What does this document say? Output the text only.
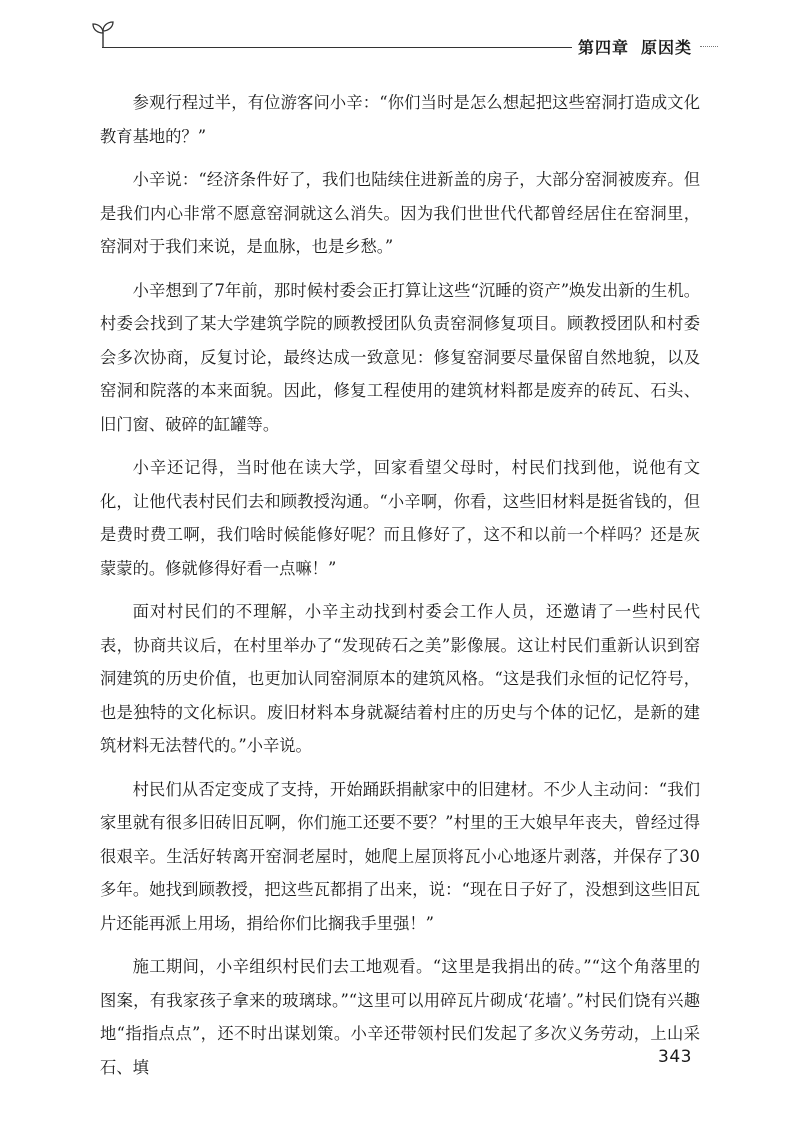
第四章 原因类

参观行程过半，有位游客问小辛：“你们当时是怎么想起把这些窑洞打造成文化教育基地的？”

小辛说：“经济条件好了，我们也陆续住进新盖的房子，大部分窑洞被废弃。但是我们内心非常不愿意窑洞就这么消失。因为我们世世代代都曾经居住在窑洞里，窑洞对于我们来说，是血脉，也是乡愁。”

小辛想到了7年前，那时候村委会正打算让这些“沉睡的资产”焕发出新的生机。村委会找到了某大学建筑学院的顾教授团队负责窑洞修复项目。顾教授团队和村委会多次协商，反复讨论，最终达成一致意见：修复窑洞要尽量保留自然地貌，以及窑洞和院落的本来面貌。因此，修复工程使用的建筑材料都是废弃的砖瓦、石头、旧门窗、破碎的缸罐等。

小辛还记得，当时他在读大学，回家看望父母时，村民们找到他，说他有文化，让他代表村民们去和顾教授沟通。“小辛啊，你看，这些旧材料是挺省钱的，但是费时费工啊，我们啥时候能修好呢？而且修好了，这不和以前一个样吗？还是灰蒙蒙的。修就修得好看一点嘛！”

面对村民们的不理解，小辛主动找到村委会工作人员，还邀请了一些村民代表，协商共议后，在村里举办了“发现砖石之美”影像展。这让村民们重新认识到窑洞建筑的历史价值，也更加认同窑洞原本的建筑风格。“这是我们永恒的记忆符号，也是独特的文化标识。废旧材料本身就凝结着村庄的历史与个体的记忆，是新的建筑材料无法替代的。”小辛说。

村民们从否定变成了支持，开始踊跃捐献家中的旧建材。不少人主动问：“我们家里就有很多旧砖旧瓦啊，你们施工还要不要？”村里的王大娘早年丧夫，曾经过得很艰辛。生活好转离开窑洞老屋时，她爬上屋顶将瓦小心地逐片剥落，并保存了30多年。她找到顾教授，把这些瓦都捐了出来，说：“现在日子好了，没想到这些旧瓦片还能再派上用场，捐给你们比搁我手里强！”

施工期间，小辛组织村民们去工地观看。“这里是我捐出的砖。”“这个角落里的图案，有我家孩子拿来的玻璃球。”“这里可以用碎瓦片砌成‘花墙’。”村民们饶有兴趣地“指指点点”，还不时出谋划策。小辛还带领村民们发起了多次义务劳动，上山采石、填	343
